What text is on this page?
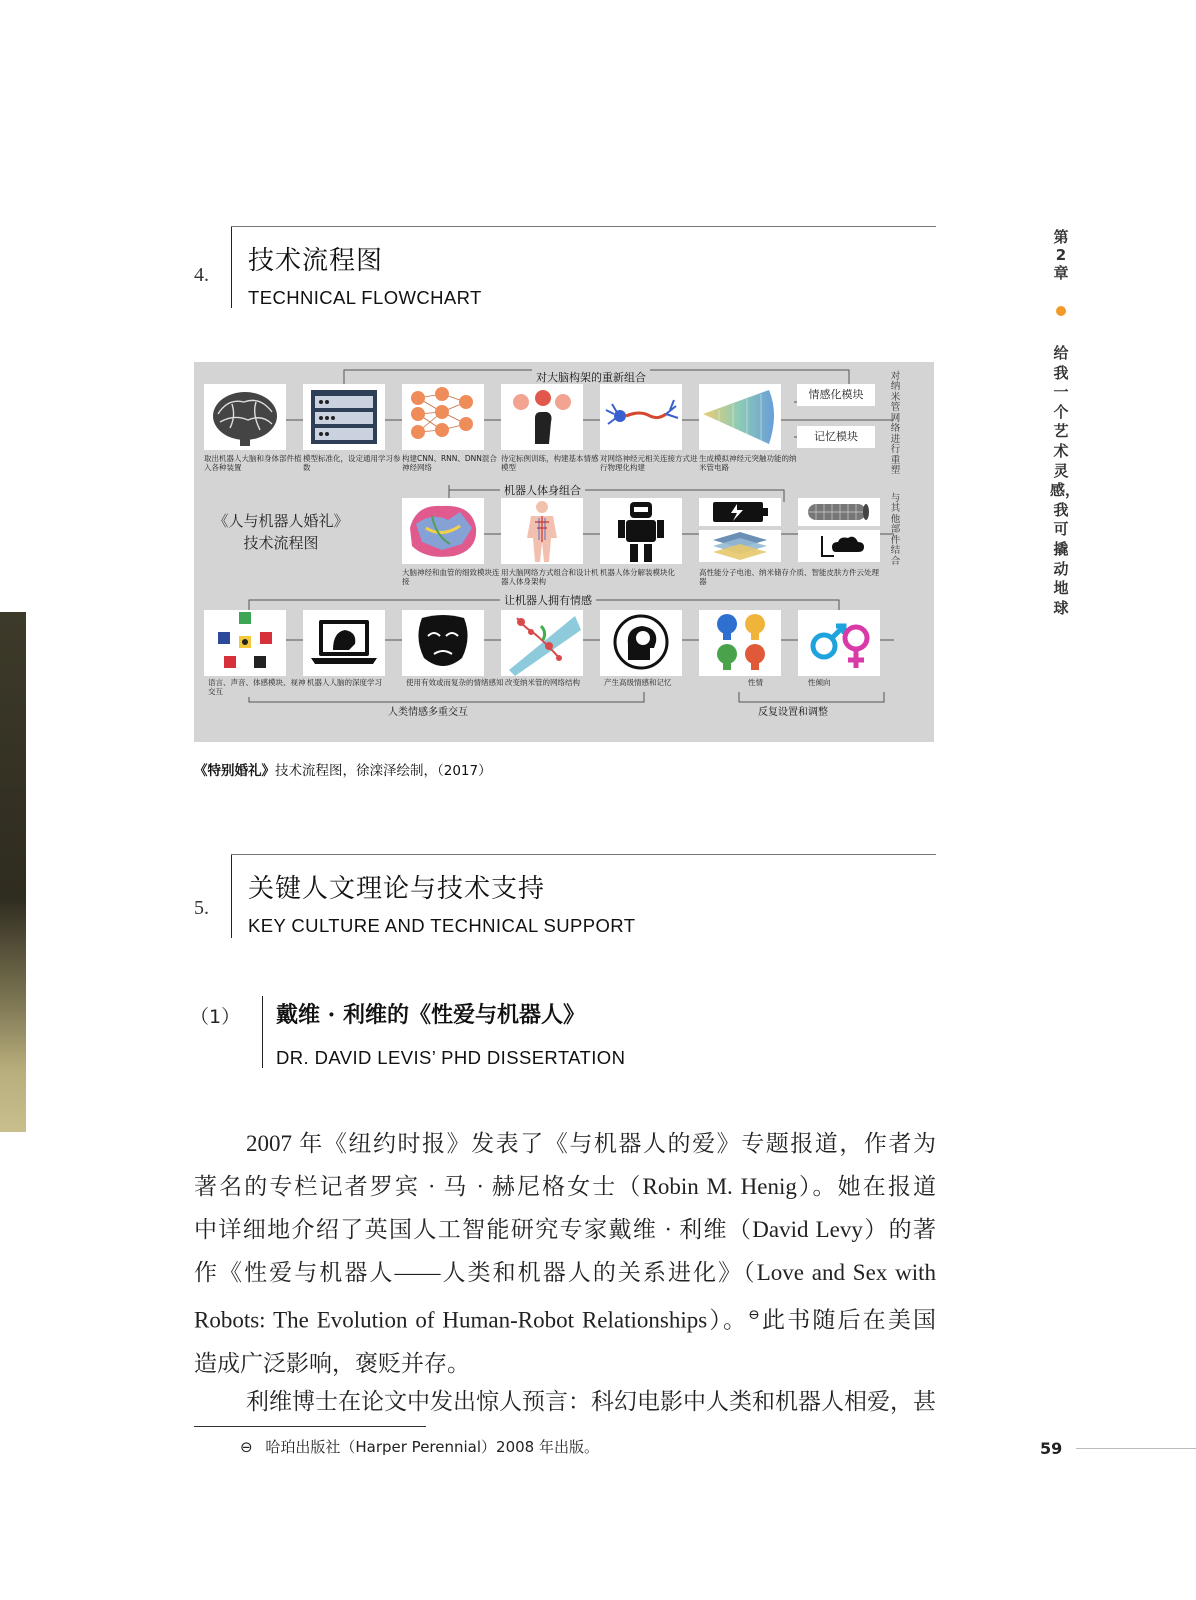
4. 技术流程图
TECHNICAL FLOWCHART
对大脑构架的重新组合
机器人体身组合
让机器人拥有情感
人类情感多重交互	反复设置和调整
《人与机器人婚礼》
技术流程图
对纳米管网络进行重塑
与其他部件结合
情感化模块
记忆模块
取出机器人大脑和身体部件植入各种装置
模型标准化，设定通用学习参数
构建CNN、RNN、DNN混合神经网络
待定标例训练，构建基本情感模型
对网络神经元相关连接方式进行物理化构建
生成模拟神经元突触功能的纳米管电路
大脑神经和血管的细致模块连接
用大脑网络方式组合和设计机器人体身架构
机器人体分解装模块化	高性能分子电池、纳米储存介质、智能皮肤方件云处理器
语言、声音、体感模块、视神交互
机器人人脑的深度学习	使用有效或而复杂的情绪感知 改变纳米管的网络结构	产生高级情感和记忆	性情	性倾向
《特别婚礼》技术流程图，徐滦泽绘制，（2017）
5.
关键人文理论与技术支持
KEY CULTURE AND TECHNICAL SUPPORT
（1） 戴维 · 利维的《性爱与机器人》
DR. DAVID LEVIS’ PHD DISSERTATION
2007 年《纽约时报》发表了《与机器人的爱》专题报道，作者为
著名的专栏记者罗宾 · 马 · 赫尼格女士（Robin M. Henig）。她在报道
中详细地介绍了英国人工智能研究专家戴维 · 利维（David Levy）的著
作《性爱与机器人——人类和机器人的关系进化》（Love and Sex with
Robots: The Evolution of Human-Robot Relationships）。⊖此书随后在美国
造成广泛影响，褒贬并存。
利维博士在论文中发出惊人预言：科幻电影中人类和机器人相爱，甚
⊖ 哈珀出版社（Harper Perennial）2008 年出版。
第2章
给我一个艺术灵感，我可撬动地球
59
